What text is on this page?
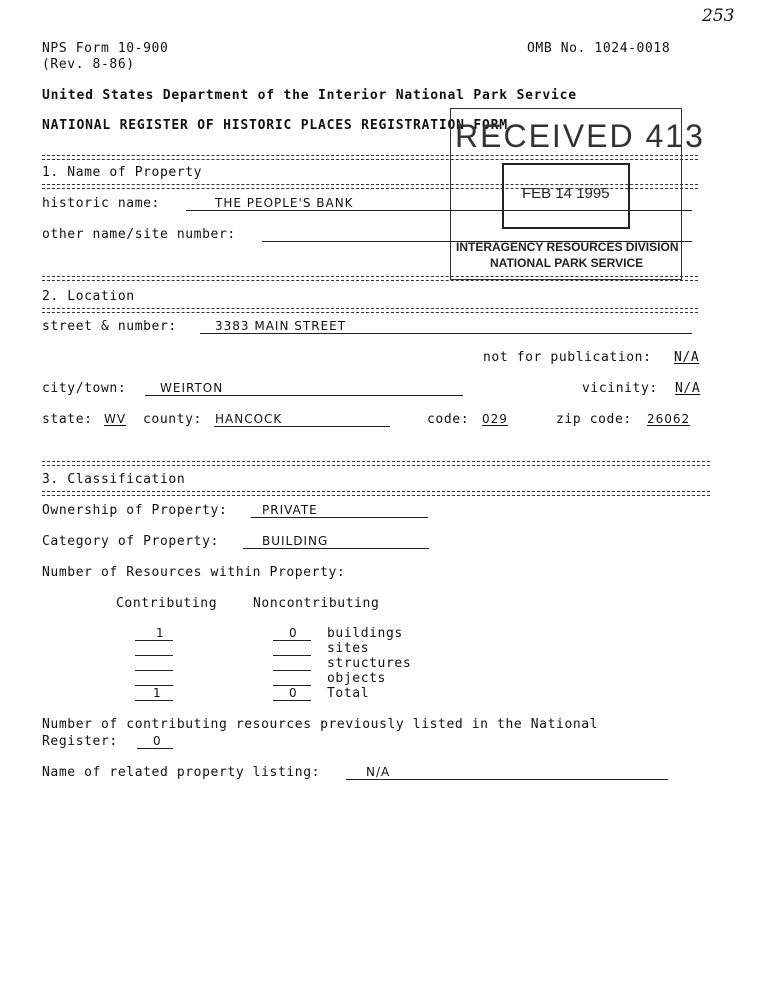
253
NPS Form 10-900
(Rev. 8-86)
OMB No. 1024-0018
United States Department of the Interior National Park Service
NATIONAL REGISTER OF HISTORIC PLACES REGISTRATION FORM
RECEIVED 413
FEB 14 1995
INTERAGENCY RESOURCES DIVISION
NATIONAL PARK SERVICE
1. Name of Property
historic name:	THE PEOPLE'S BANK
other name/site number:
2. Location
street & number:	3383 MAIN STREET
not for publication: N/A
city/town:	WEIRTON	vicinity: N/A
state: WV county: HANCOCK	code: 029	zip code: 26062
3. Classification
Ownership of Property:	PRIVATE
Category of Property:	BUILDING
Number of Resources within Property:
Contributing	Noncontributing
1	0 buildings
sites
structures
objects
1	0 Total
Number of contributing resources previously listed in the National
Register:	0
Name of related property listing:	N/A
